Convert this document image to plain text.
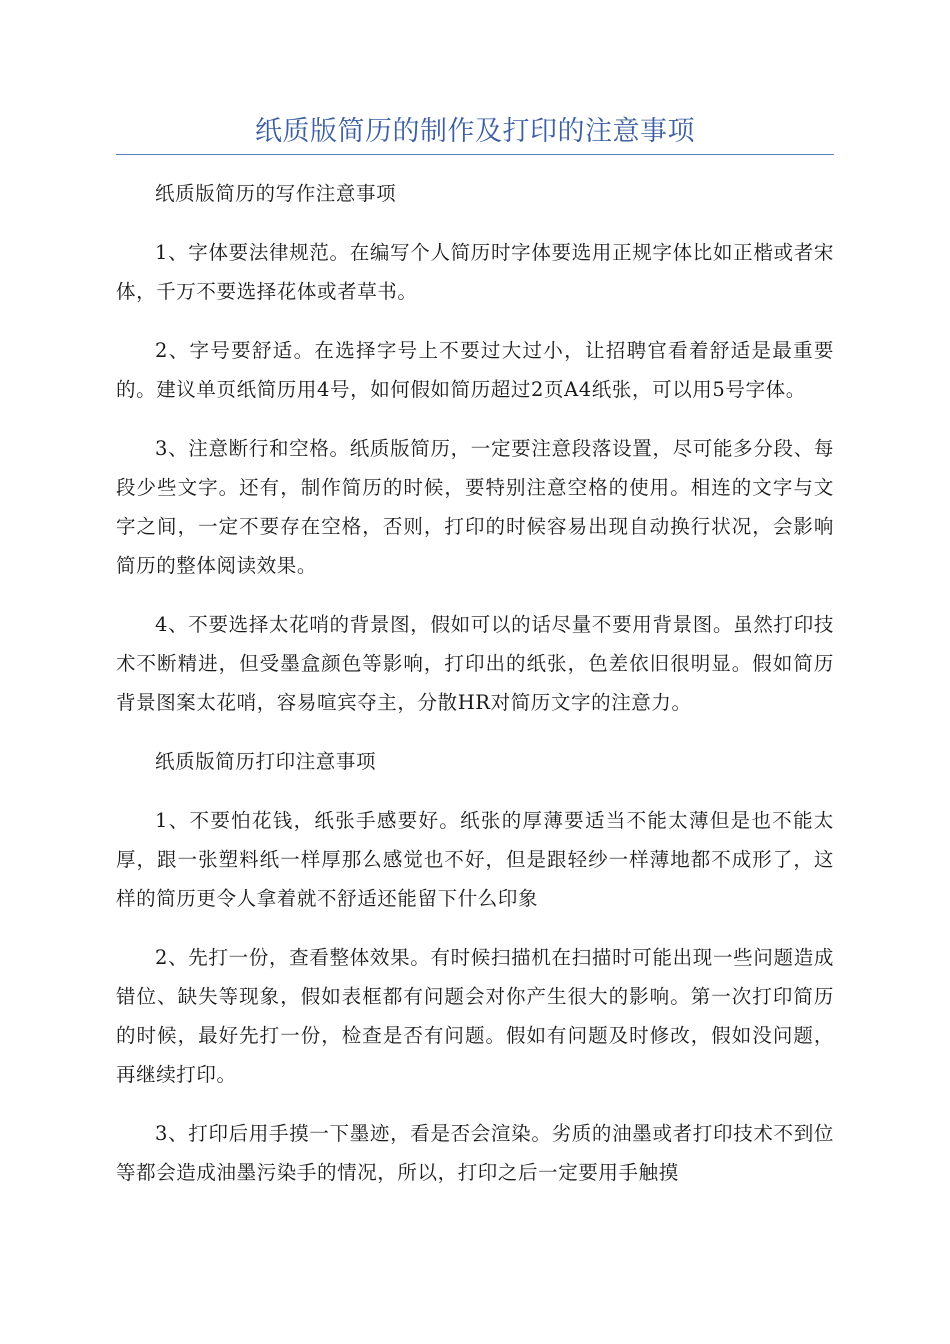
纸质版简历的制作及打印的注意事项

纸质版简历的写作注意事项

1、字体要法律规范。在编写个人简历时字体要选用正规字体比如正楷或者宋体，千万不要选择花体或者草书。

2、字号要舒适。在选择字号上不要过大过小，让招聘官看着舒适是最重要的。建议单页纸简历用4号，如何假如简历超过2页A4纸张，可以用5号字体。

3、注意断行和空格。纸质版简历，一定要注意段落设置，尽可能多分段、每段少些文字。还有，制作简历的时候，要特别注意空格的使用。相连的文字与文字之间，一定不要存在空格，否则，打印的时候容易出现自动换行状况，会影响简历的整体阅读效果。

4、不要选择太花哨的背景图，假如可以的话尽量不要用背景图。虽然打印技术不断精进，但受墨盒颜色等影响，打印出的纸张，色差依旧很明显。假如简历背景图案太花哨，容易喧宾夺主，分散HR对简历文字的注意力。

纸质版简历打印注意事项

1、不要怕花钱，纸张手感要好。纸张的厚薄要适当不能太薄但是也不能太厚，跟一张塑料纸一样厚那么感觉也不好，但是跟轻纱一样薄地都不成形了，这样的简历更令人拿着就不舒适还能留下什么印象

2、先打一份，查看整体效果。有时候扫描机在扫描时可能出现一些问题造成错位、缺失等现象，假如表框都有问题会对你产生很大的影响。第一次打印简历的时候，最好先打一份，检查是否有问题。假如有问题及时修改，假如没问题，再继续打印。

3、打印后用手摸一下墨迹，看是否会渲染。劣质的油墨或者打印技术不到位等都会造成油墨污染手的情况，所以，打印之后一定要用手触摸
